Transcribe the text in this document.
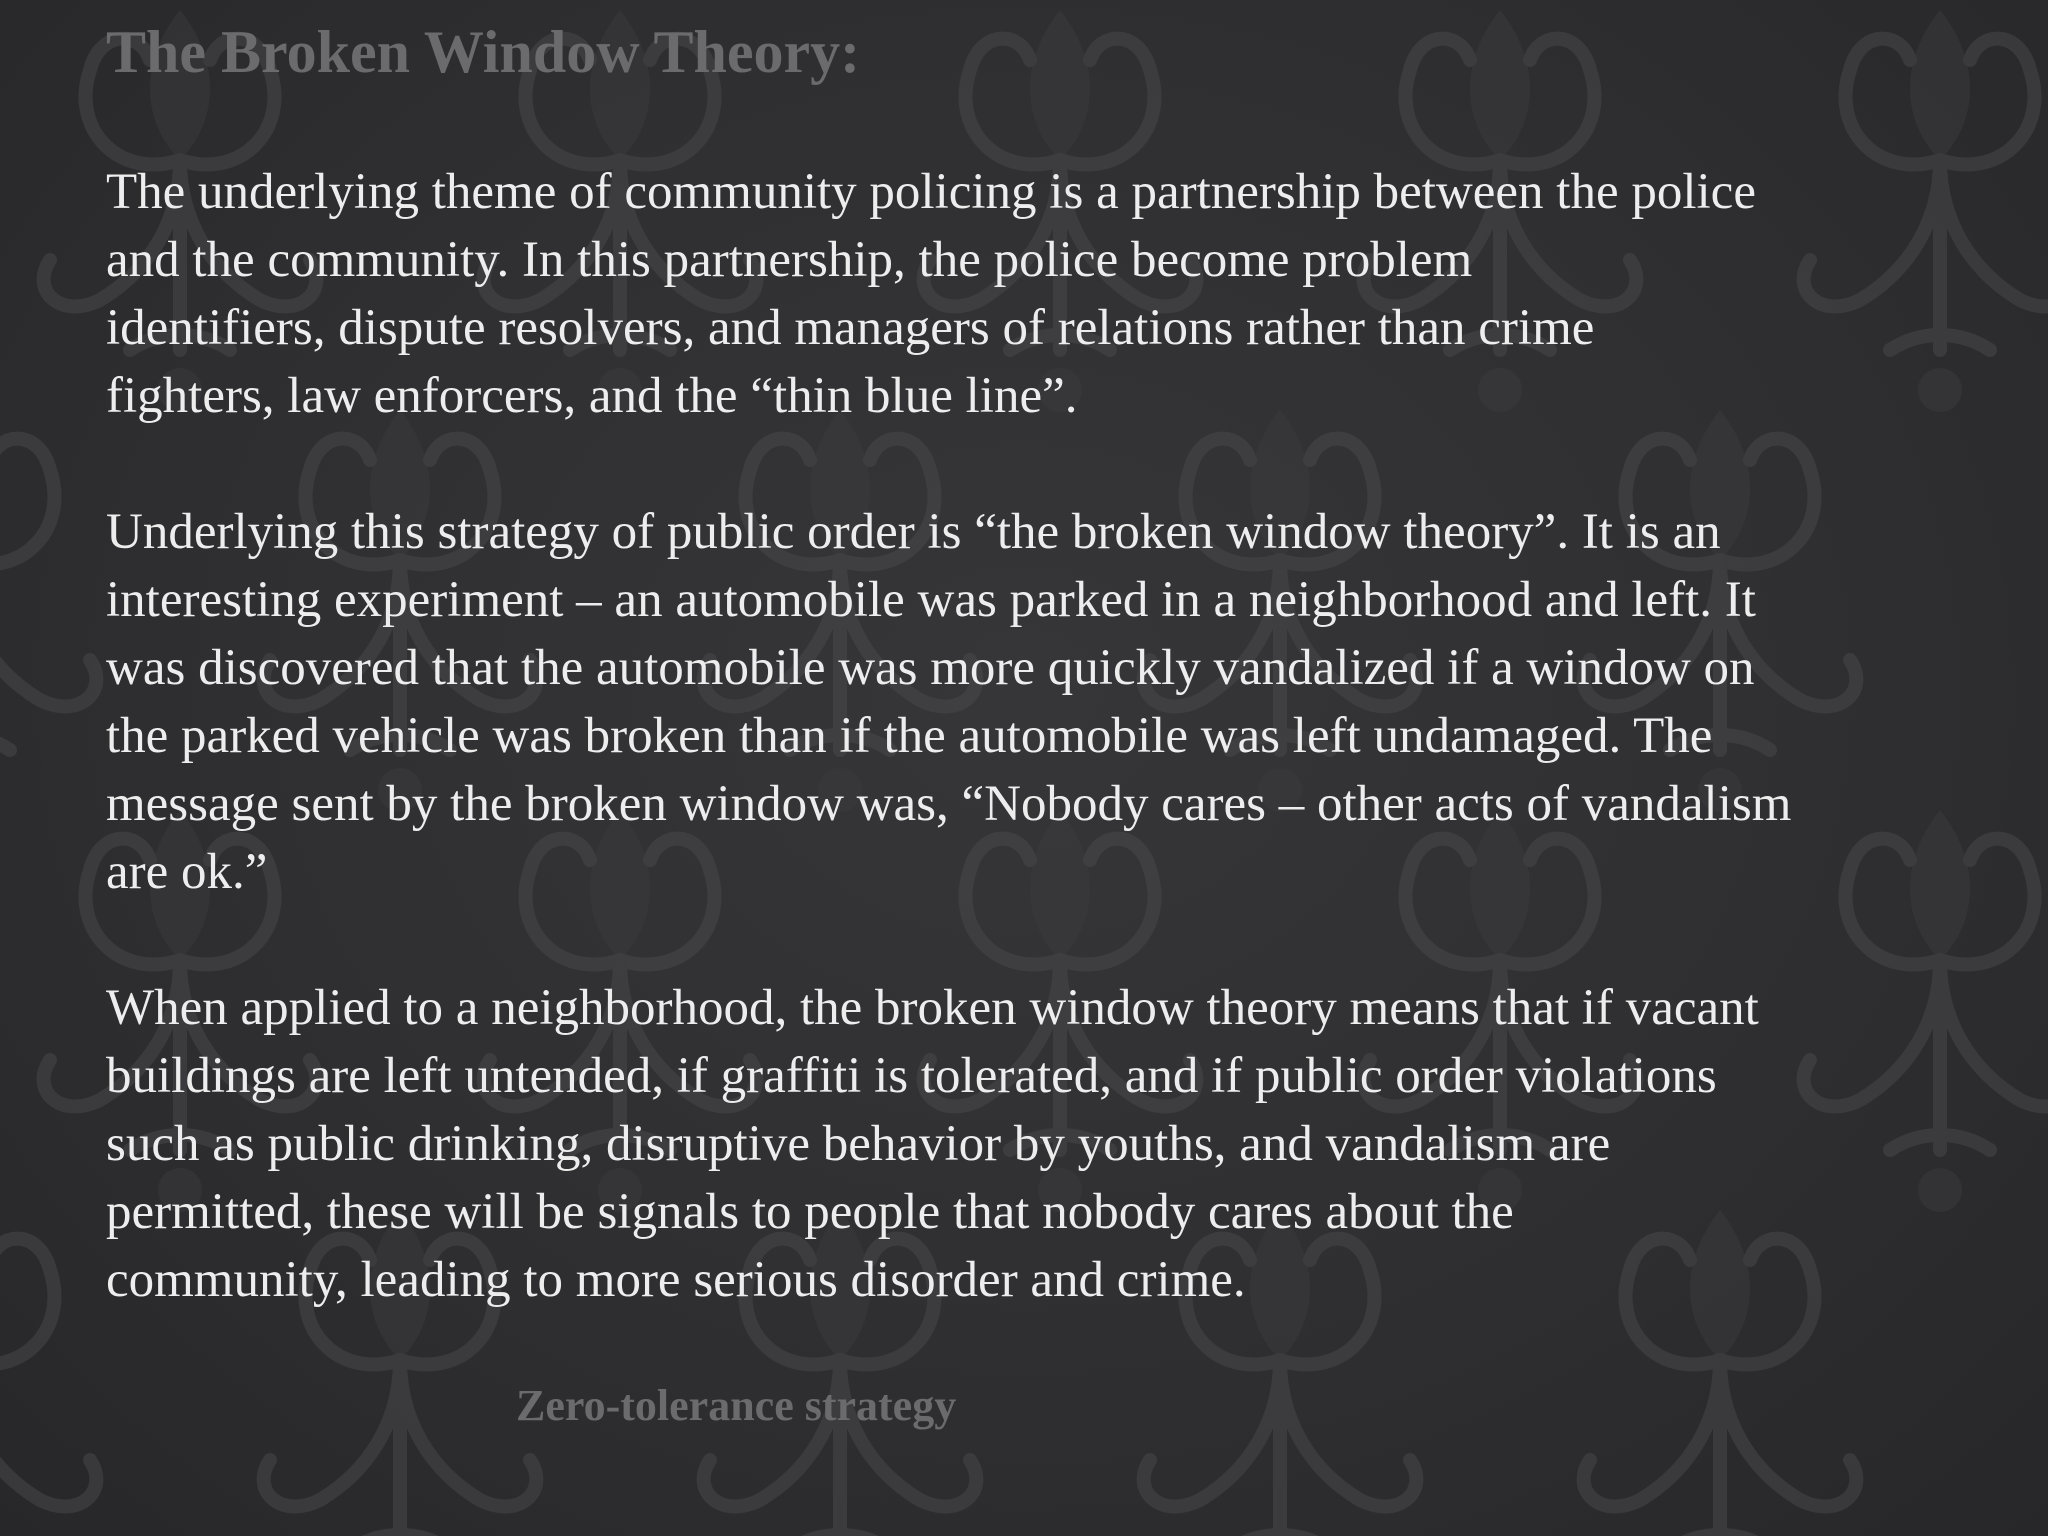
The Broken Window Theory:

The underlying theme of community policing is a partnership between the police
and the community. In this partnership, the police become problem
identifiers, dispute resolvers, and managers of relations rather than crime
fighters, law enforcers, and the “thin blue line”.

Underlying this strategy of public order is “the broken window theory”. It is an
interesting experiment – an automobile was parked in a neighborhood and left. It
was discovered that the automobile was more quickly vandalized if a window on
the parked vehicle was broken than if the automobile was left undamaged. The
message sent by the broken window was, “Nobody cares – other acts of vandalism
are ok.”

When applied to a neighborhood, the broken window theory means that if vacant
buildings are left untended, if graffiti is tolerated, and if public order violations
such as public drinking, disruptive behavior by youths, and vandalism are
permitted, these will be signals to people that nobody cares about the
community, leading to more serious disorder and crime.

Zero-tolerance strategy
